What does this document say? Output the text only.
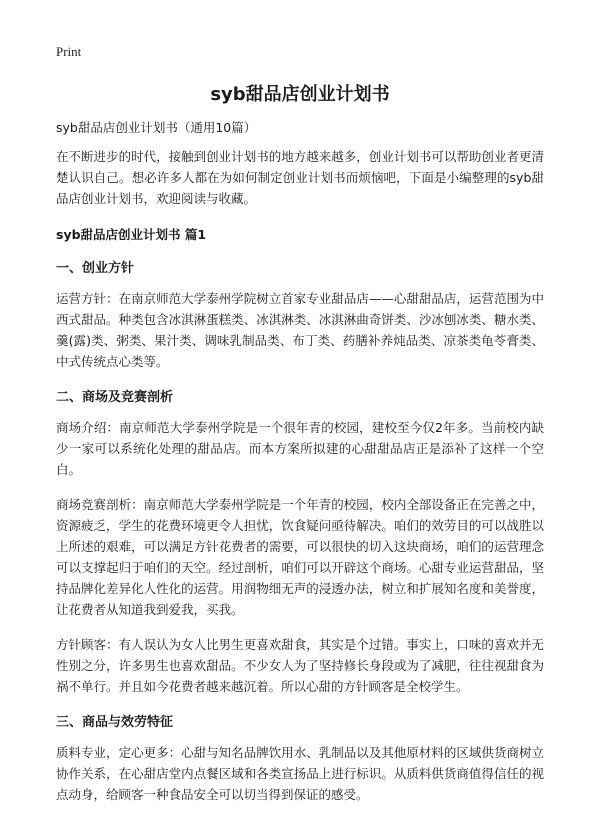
Print
syb甜品店创业计划书
syb甜品店创业计划书（通用10篇）

在不断进步的时代，接触到创业计划书的地方越来越多，创业计划书可以帮助创业者更清楚认识自己。想必许多人都在为如何制定创业计划书而烦恼吧，下面是小编整理的syb甜品店创业计划书，欢迎阅读与收藏。

syb甜品店创业计划书 篇1
一、创业方针

运营方针：在南京师范大学泰州学院树立首家专业甜品店——心甜甜品店，运营范围为中西式甜品。种类包含冰淇淋蛋糕类、冰淇淋类、冰淇淋曲奇饼类、沙冰刨冰类、糖水类、羹(露)类、粥类、果汁类、调味乳制品类、布丁类、药膳补养炖品类、凉茶类龟苓膏类、中式传统点心类等。

二、商场及竞赛剖析

商场介绍：南京师范大学泰州学院是一个很年青的校园，建校至今仅2年多。当前校内缺少一家可以系统化处理的甜品店。而本方案所拟建的心甜甜品店正是添补了这样一个空白。

商场竞赛剖析：南京师范大学泰州学院是一个年青的校园，校内全部设备正在完善之中，资源疲乏，学生的花费环境更令人担忧，饮食疑问亟待解决。咱们的效劳目的可以战胜以上所述的艰难，可以满足方针花费者的需要，可以很快的切入这块商场，咱们的运营理念可以支撑起归于咱们的天空。经过剖析，咱们可以开辟这个商场。心甜专业运营甜品，坚持品牌化差异化人性化的运营。用润物细无声的浸透办法，树立和扩展知名度和美誉度，让花费者从知道我到爱我，买我。

方针顾客：有人误认为女人比男生更喜欢甜食，其实是个过错。事实上，口味的喜欢并无性别之分，许多男生也喜欢甜品。不少女人为了坚持修长身段或为了减肥，往往视甜食为祸不单行。并且如今花费者越来越沉着。所以心甜的方针顾客是全校学生。

三、商品与效劳特征

质料专业，定心更多：心甜与知名品牌饮用水、乳制品以及其他原材料的区域供货商树立协作关系，在心甜店堂内点餐区域和各类宣扬品上进行标识。从质料供货商值得信任的视点动身，给顾客一种食品安全可以切当得到保证的感受。
